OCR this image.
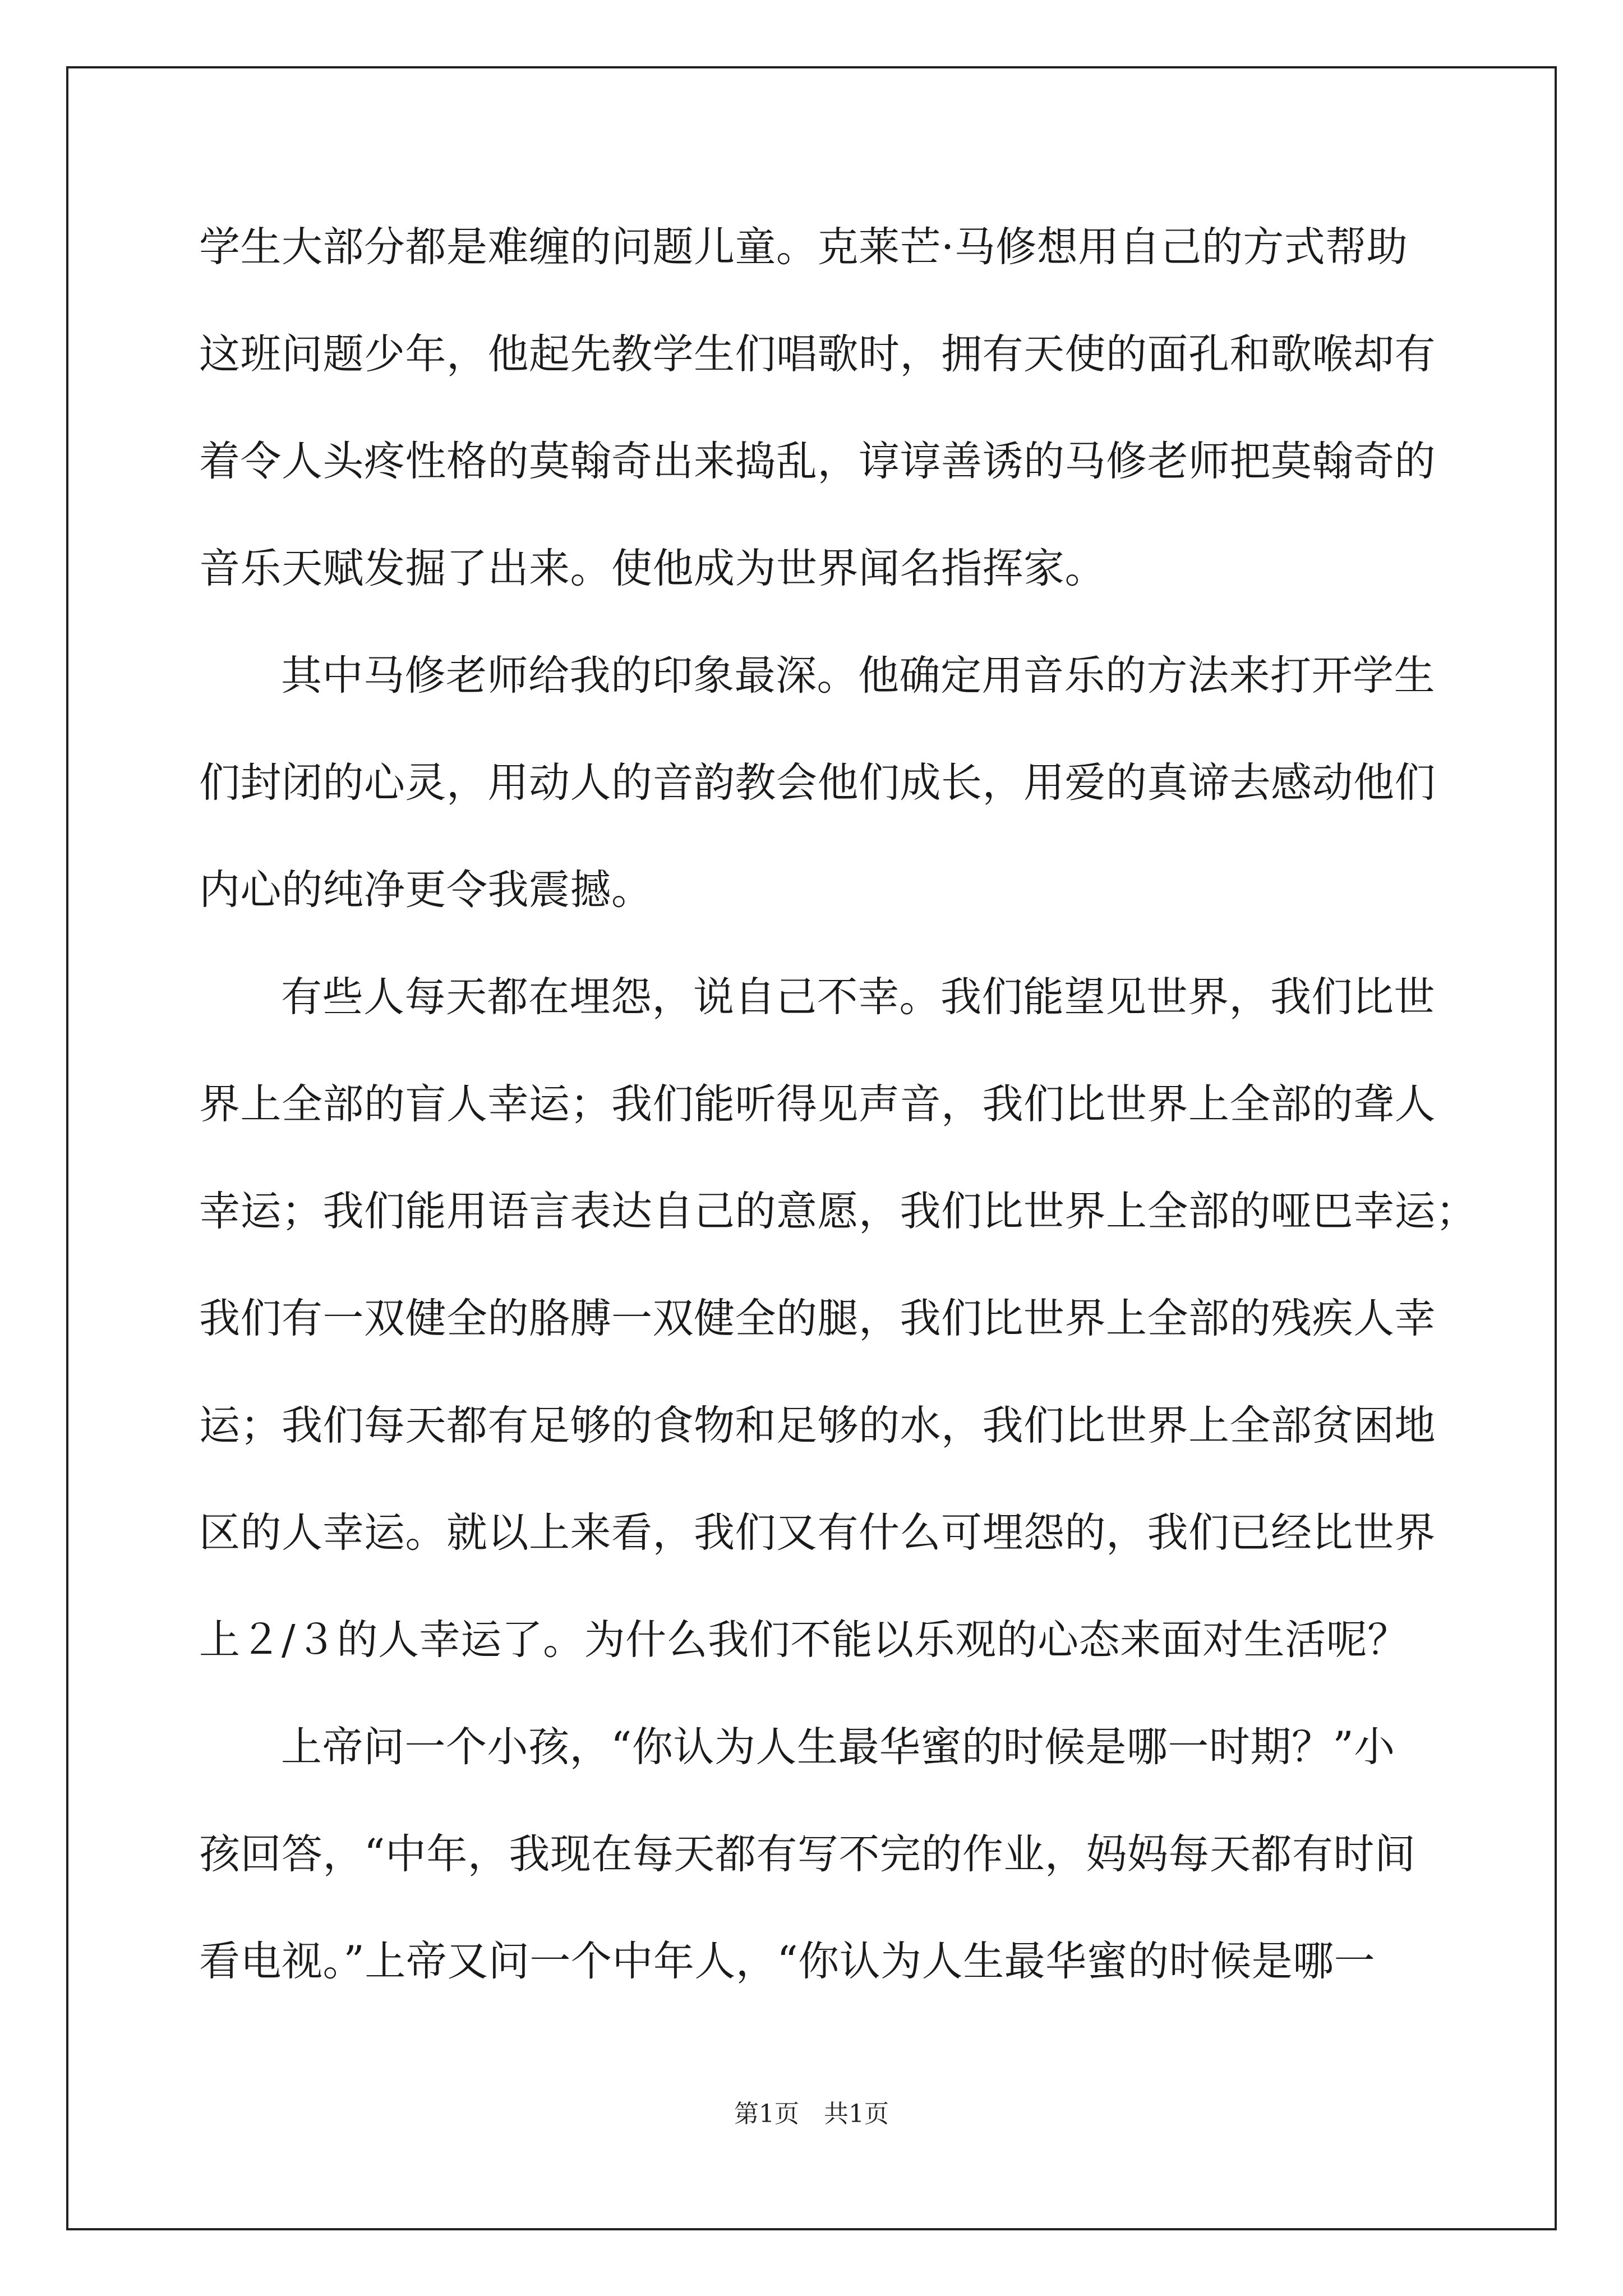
学生大部分都是难缠的问题儿童。克莱芒·马修想用自己的方式帮助
这班问题少年，他起先教学生们唱歌时，拥有天使的面孔和歌喉却有
着令人头疼性格的莫翰奇出来捣乱，谆谆善诱的马修老师把莫翰奇的
音乐天赋发掘了出来。使他成为世界闻名指挥家。
其中马修老师给我的印象最深。他确定用音乐的方法来打开学生
们封闭的心灵，用动人的音韵教会他们成长，用爱的真谛去感动他们
内心的纯净更令我震撼。
有些人每天都在埋怨，说自己不幸。我们能望见世界，我们比世
界上全部的盲人幸运；我们能听得见声音，我们比世界上全部的聋人
幸运；我们能用语言表达自己的意愿，我们比世界上全部的哑巴幸运；
我们有一双健全的胳膊一双健全的腿，我们比世界上全部的残疾人幸
运；我们每天都有足够的食物和足够的水，我们比世界上全部贫困地
区的人幸运。就以上来看，我们又有什么可埋怨的，我们已经比世界
上２/３的人幸运了。为什么我们不能以乐观的心态来面对生活呢？
上帝问一个小孩，“你认为人生最华蜜的时候是哪一时期？”小
孩回答，“中年，我现在每天都有写不完的作业，妈妈每天都有时间
看电视。”上帝又问一个中年人，“你认为人生最华蜜的时候是哪一
第1页　共1页
